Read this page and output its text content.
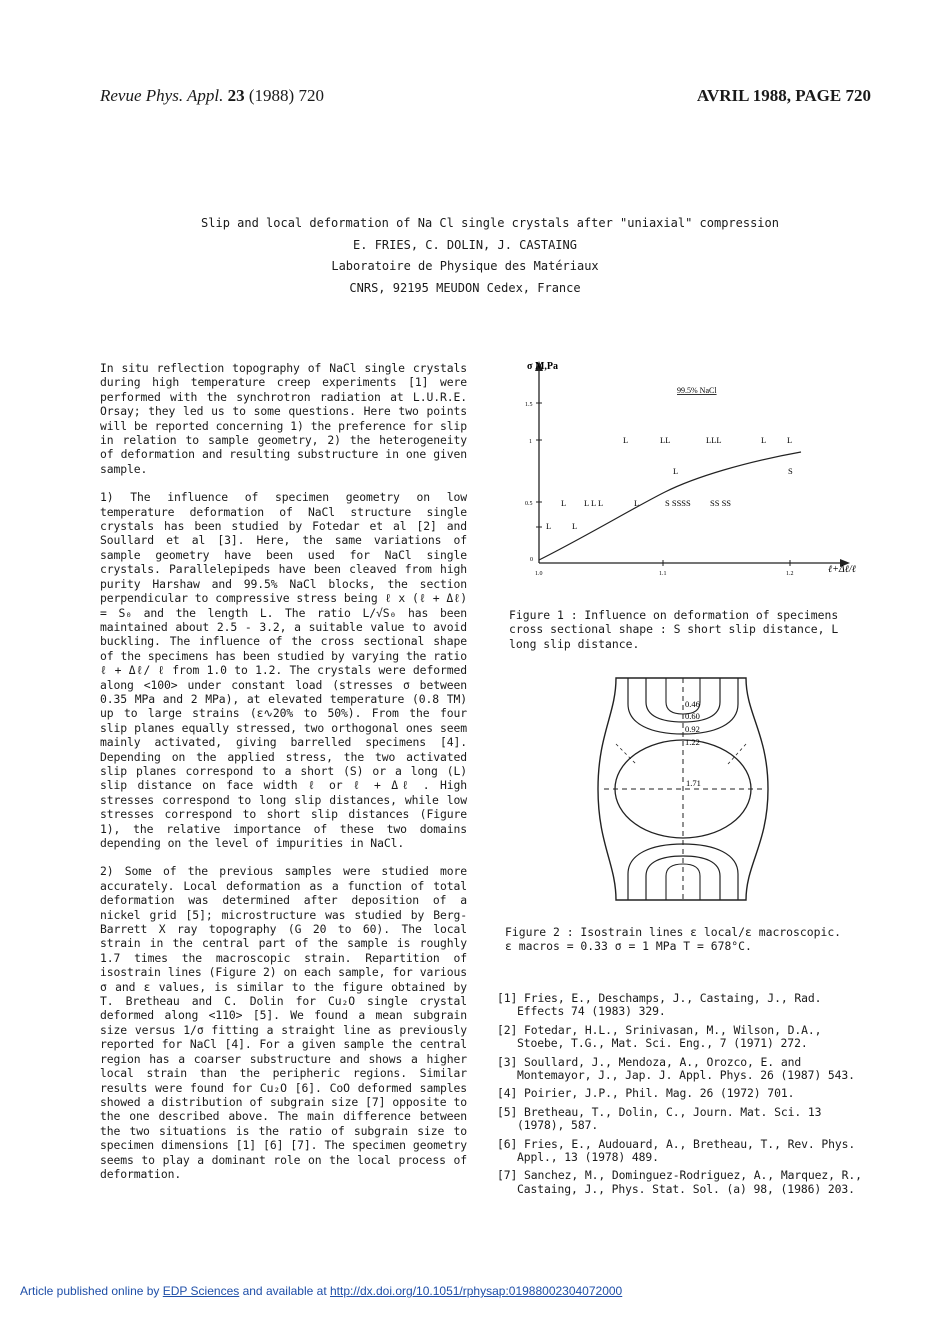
Revue Phys. Appl. 23 (1988) 720	AVRIL 1988, PAGE 720
Slip and local deformation of Na Cl single crystals after "uniaxial" compression
E. FRIES, C. DOLIN, J. CASTAING
Laboratoire de Physique des Matériaux
CNRS, 92195 MEUDON Cedex, France

In situ reflection topography of NaCl single crystals during high temperature creep experiments [1] were performed with the synchrotron radiation at L.U.R.E. Orsay; they led us to some questions. Here two points will be reported concerning 1) the preference for slip in relation to sample geometry, 2) the heterogeneity of deformation and resulting substructure in one given sample.

1) The influence of specimen geometry on low temperature deformation of NaCl structure single crystals has been studied by Fotedar et al [2] and Soullard et al [3]. Here, the same variations of sample geometry have been used for NaCl single crystals. Parallelepipeds have been cleaved from high purity Harshaw and 99.5% NaCl blocks, the section perpendicular to compressive stress being ℓ x (ℓ + Δℓ) = S₀ and the length L. The ratio L/√S₀ has been maintained about 2.5 - 3.2, a suitable value to avoid buckling. The influence of the cross sectional shape of the specimens has been studied by varying the ratio ℓ + Δℓ/ ℓ from 1.0 to 1.2. The crystals were deformed along <100> under constant load (stresses σ between 0.35 MPa and 2 MPa), at elevated temperature (0.8 TM) up to large strains (ε∿20% to 50%). From the four slip planes equally stressed, two orthogonal ones seem mainly activated, giving barrelled specimens [4]. Depending on the applied stress, the two activated slip planes correspond to a short (S) or a long (L) slip distance on face width ℓ or ℓ + Δℓ . High stresses correspond to long slip distances, while low stresses correspond to short slip distances (Figure 1), the relative importance of these two domains depending on the level of impurities in NaCl.

2) Some of the previous samples were studied more accurately. Local deformation as a function of total deformation was determined after deposition of a nickel grid [5]; microstructure was studied by Berg-Barrett X ray topography (G 20 to 60). The local strain in the central part of the sample is roughly 1.7 times the macroscopic strain. Repartition of isostrain lines (Figure 2) on each sample, for various σ and ε values, is similar to the figure obtained by T. Bretheau and C. Dolin for Cu₂O single crystal deformed along <110> [5]. We found a mean subgrain size versus 1/σ fitting a straight line as previously reported for NaCl [4]. For a given sample the central region has a coarser substructure and shows a higher local strain than the peripheric regions. Similar results were found for Cu₂O [6]. CoO deformed samples showed a distribution of subgrain size [7] opposite to the one described above. The main difference between the two situations is the ratio of subgrain size to specimen dimensions [1] [6] [7]. The specimen geometry seems to play a dominant role on the local process of deformation.

σ M,Pa
ℓ+Δℓ/ℓ
99.5% NaCl
1.5
1
0.5
0
1.0	1.1	1.2
L	LL	LLL	L L
L	S
L L L L	L	S SSSS SS SS
L L
Figure 1 : Influence on deformation of specimens cross sectional shape : S short slip distance, L long slip distance.
0.46
0.60
0.92
1.22
1.71
Figure 2 : Isostrain lines ε local/ε macroscopic.
ε macros = 0.33 σ = 1 MPa T = 678°C.
[1] Fries, E., Deschamps, J., Castaing, J., Rad. Effects 74 (1983) 329.
[2] Fotedar, H.L., Srinivasan, M., Wilson, D.A., Stoebe, T.G., Mat. Sci. Eng., 7 (1971) 272.
[3] Soullard, J., Mendoza, A., Orozco, E. and Montemayor, J., Jap. J. Appl. Phys. 26 (1987) 543.
[4] Poirier, J.P., Phil. Mag. 26 (1972) 701.
[5] Bretheau, T., Dolin, C., Journ. Mat. Sci. 13 (1978), 587.
[6] Fries, E., Audouard, A., Bretheau, T., Rev. Phys. Appl., 13 (1978) 489.
[7] Sanchez, M., Dominguez-Rodriguez, A., Marquez, R., Castaing, J., Phys. Stat. Sol. (a) 98, (1986) 203.
Article published online by EDP Sciences and available at http://dx.doi.org/10.1051/rphysap:01988002304072000
